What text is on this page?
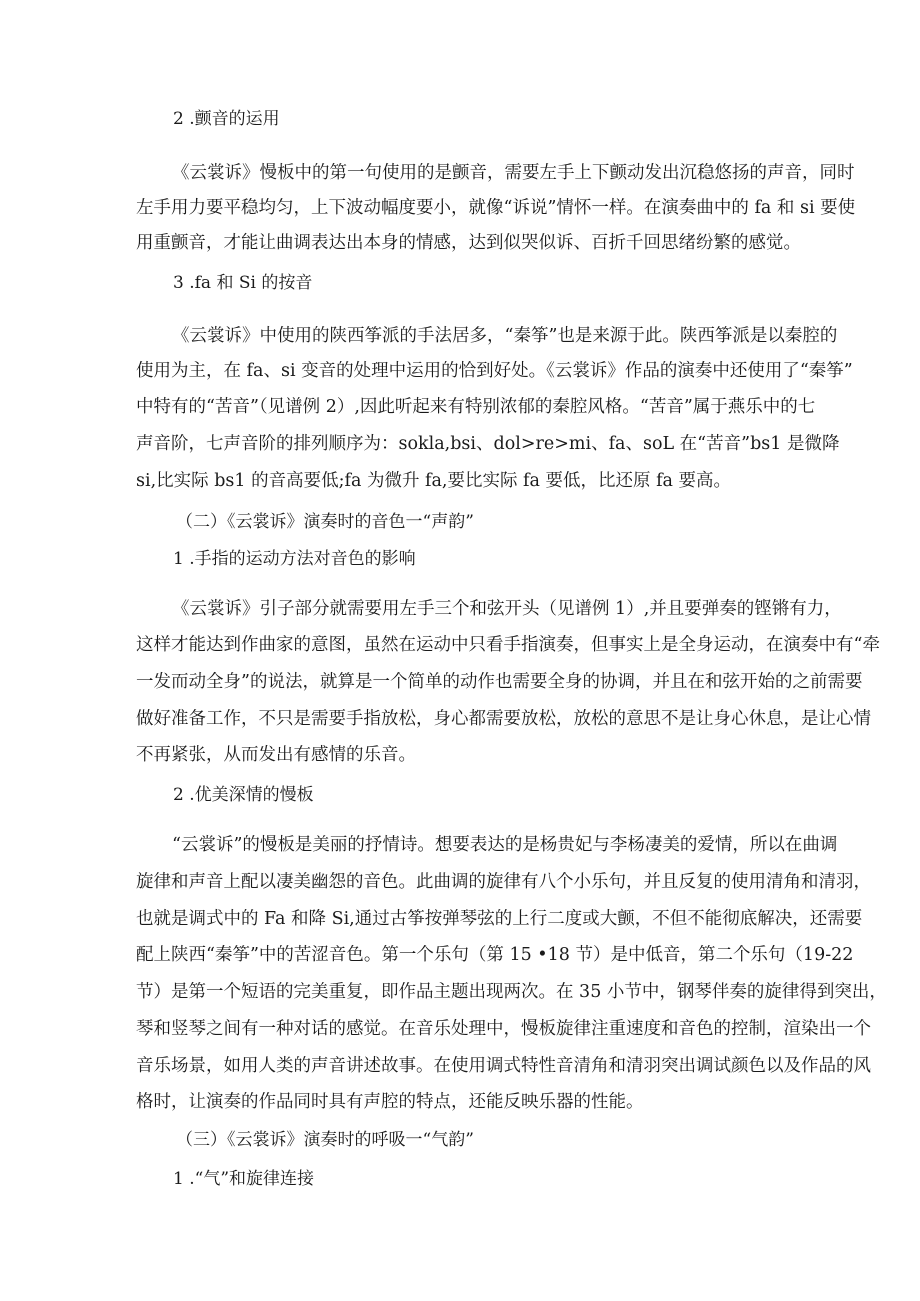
2 .颤音的运用
《云裳诉》慢板中的第一句使用的是颤音，需要左手上下颤动发出沉稳悠扬的声音，同时
左手用力要平稳均匀，上下波动幅度要小，就像“诉说”情怀一样。在演奏曲中的 fa 和 si 要使
用重颤音，才能让曲调表达出本身的情感，达到似哭似诉、百折千回思绪纷繁的感觉。
3 .fa 和 Si 的按音
《云裳诉》中使用的陕西筝派的手法居多，“秦筝”也是来源于此。陕西筝派是以秦腔的
使用为主，在 fa、si 变音的处理中运用的恰到好处。《云裳诉》作品的演奏中还使用了“秦筝”
中特有的“苦音”（见谱例 2）,因此听起来有特别浓郁的秦腔风格。“苦音”属于燕乐中的七
声音阶，七声音阶的排列顺序为：sokla,bsi、dol>re>mi、fa、soL 在“苦音”bs1 是微降
si,比实际 bs1 的音高要低;fa 为微升 fa,要比实际 fa 要低，比还原 fa 要高。
（二）《云裳诉》演奏时的音色一“声韵”
1 .手指的运动方法对音色的影响
《云裳诉》引子部分就需要用左手三个和弦开头（见谱例 1）,并且要弹奏的铿锵有力，
这样才能达到作曲家的意图，虽然在运动中只看手指演奏，但事实上是全身运动，在演奏中有“牵
一发而动全身”的说法，就算是一个简单的动作也需要全身的协调，并且在和弦开始的之前需要
做好准备工作，不只是需要手指放松，身心都需要放松，放松的意思不是让身心休息，是让心情
不再紧张，从而发出有感情的乐音。
2 .优美深情的慢板
“云裳诉”的慢板是美丽的抒情诗。想要表达的是杨贵妃与李杨凄美的爱情，所以在曲调
旋律和声音上配以凄美幽怨的音色。此曲调的旋律有八个小乐句，并且反复的使用清角和清羽，
也就是调式中的 Fa 和降 Si,通过古筝按弹琴弦的上行二度或大颤，不但不能彻底解决，还需要
配上陕西“秦筝”中的苦涩音色。第一个乐句（第 15 •18 节）是中低音，第二个乐句（19-22
节）是第一个短语的完美重复，即作品主题出现两次。在 35 小节中，钢琴伴奏的旋律得到突出，
琴和竖琴之间有一种对话的感觉。在音乐处理中，慢板旋律注重速度和音色的控制，渲染出一个
音乐场景，如用人类的声音讲述故事。在使用调式特性音清角和清羽突出调试颜色以及作品的风
格时，让演奏的作品同时具有声腔的特点，还能反映乐器的性能。
（三）《云裳诉》演奏时的呼吸一“气韵”
1 .“气”和旋律连接
